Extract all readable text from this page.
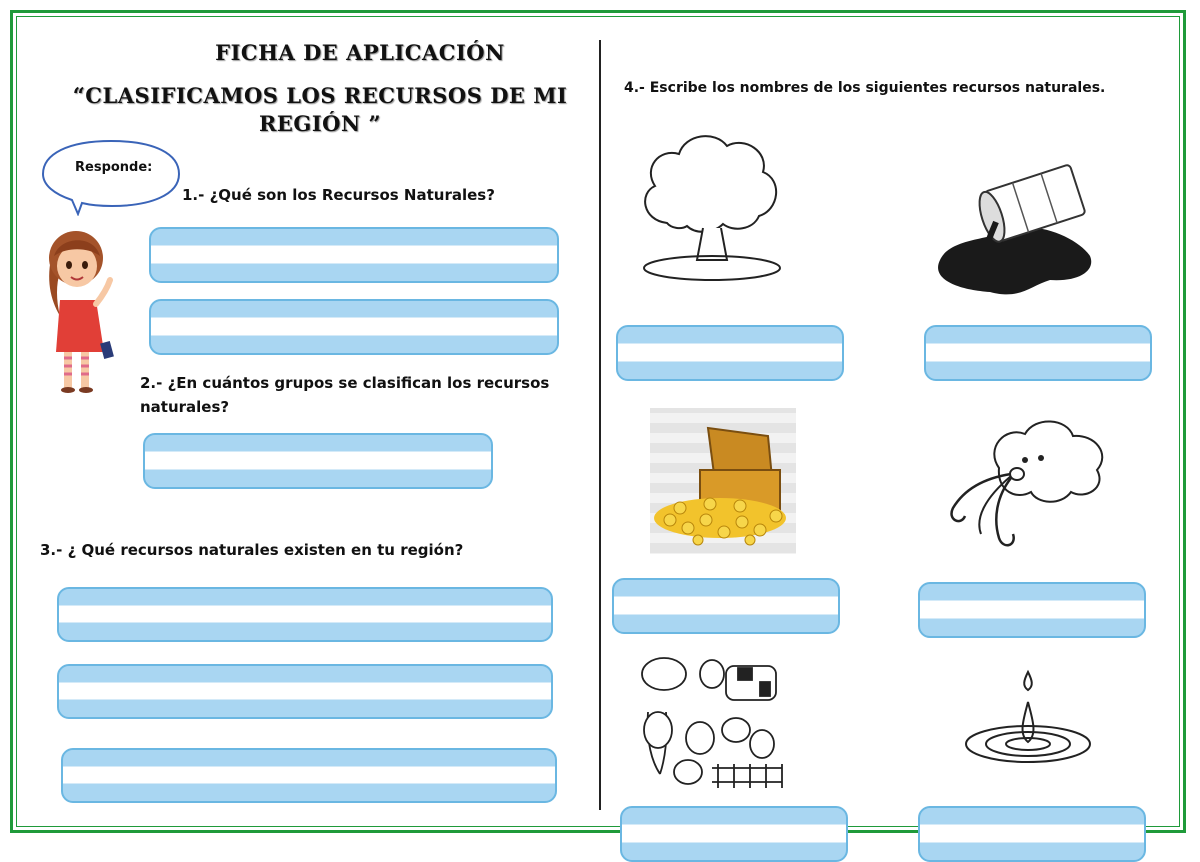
FICHA DE APLICACIÓN
“CLASIFICAMOS LOS RECURSOS DE MI
REGIÓN ”
Responde:
1.- ¿Qué son los Recursos Naturales?
2.- ¿En cuántos grupos se clasifican los recursos
naturales?
3.- ¿ Qué recursos naturales existen en tu región?
4.- Escribe los nombres de los siguientes recursos naturales.
